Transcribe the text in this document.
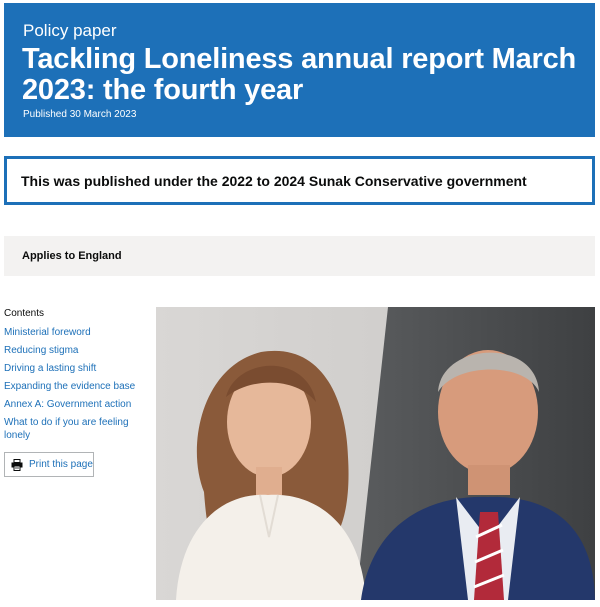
Policy paper
Tackling Loneliness annual report March 2023: the fourth year
Published 30 March 2023
This was published under the 2022 to 2024 Sunak Conservative government
Applies to England
Contents
Ministerial foreword
Reducing stigma
Driving a lasting shift
Expanding the evidence base
Annex A: Government action
What to do if you are feeling lonely
Print this page
